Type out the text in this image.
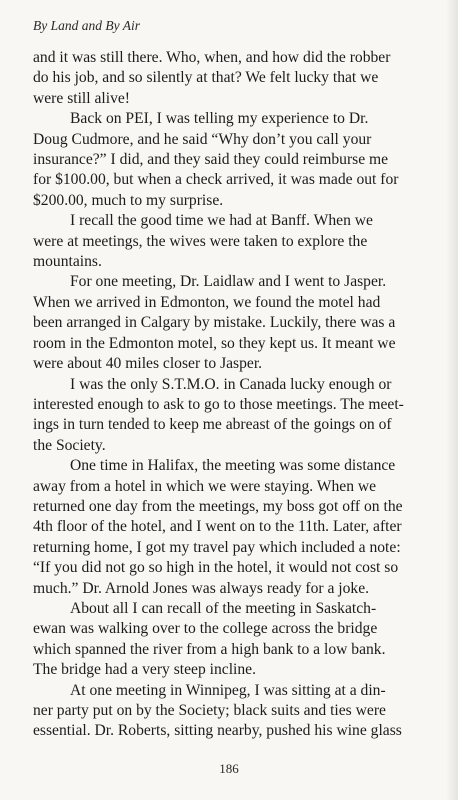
By Land and By Air
and it was still there. Who, when, and how did the robber
do his job, and so silently at that? We felt lucky that we
were still alive!
Back on PEI, I was telling my experience to Dr.
Doug Cudmore, and he said “Why don’t you call your
insurance?” I did, and they said they could reimburse me
for $100.00, but when a check arrived, it was made out for
$200.00, much to my surprise.
I recall the good time we had at Banff. When we
were at meetings, the wives were taken to explore the
mountains.
For one meeting, Dr. Laidlaw and I went to Jasper.
When we arrived in Edmonton, we found the motel had
been arranged in Calgary by mistake. Luckily, there was a
room in the Edmonton motel, so they kept us. It meant we
were about 40 miles closer to Jasper.
I was the only S.T.M.O. in Canada lucky enough or
interested enough to ask to go to those meetings. The meet-
ings in turn tended to keep me abreast of the goings on of
the Society.
One time in Halifax, the meeting was some distance
away from a hotel in which we were staying. When we
returned one day from the meetings, my boss got off on the
4th floor of the hotel, and I went on to the 11th. Later, after
returning home, I got my travel pay which included a note:
“If you did not go so high in the hotel, it would not cost so
much.” Dr. Arnold Jones was always ready for a joke.
About all I can recall of the meeting in Saskatch-
ewan was walking over to the college across the bridge
which spanned the river from a high bank to a low bank.
The bridge had a very steep incline.
At one meeting in Winnipeg, I was sitting at a din-
ner party put on by the Society; black suits and ties were
essential. Dr. Roberts, sitting nearby, pushed his wine glass
186
